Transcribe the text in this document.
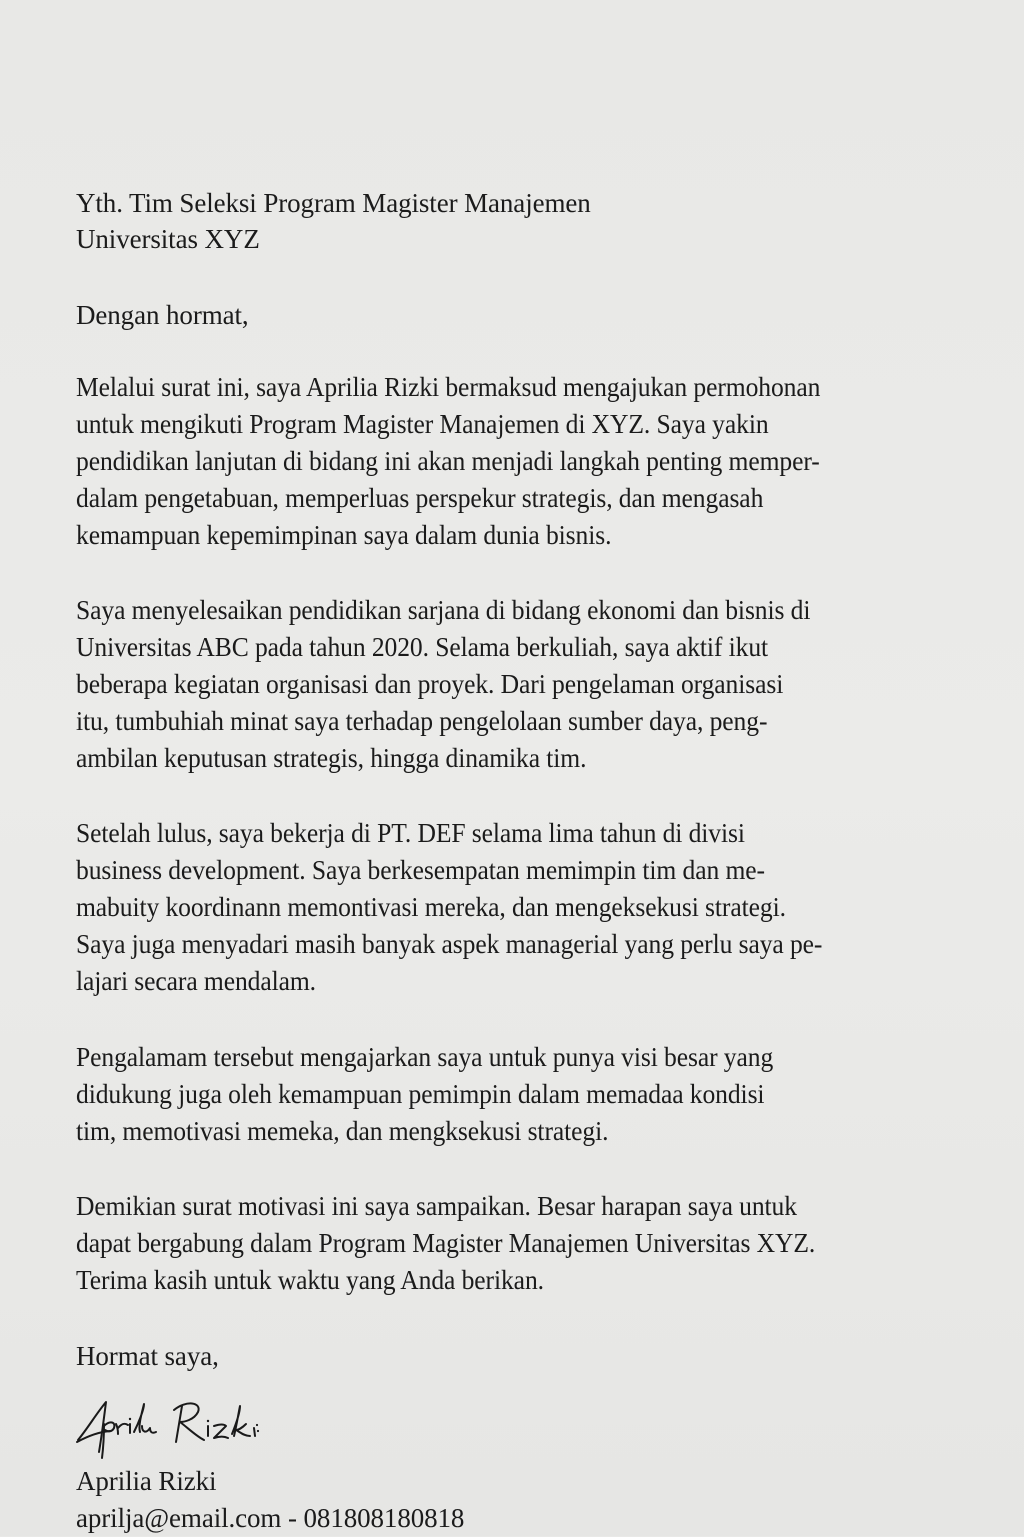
Yth. Tim Seleksi Program Magister Manajemen
Universitas XYZ
Dengan hormat,
Melalui surat ini, saya Aprilia Rizki bermaksud mengajukan permohonan
untuk mengikuti Program Magister Manajemen di XYZ. Saya yakin
pendidikan lanjutan di bidang ini akan menjadi langkah penting memper-
dalam pengetabuan, memperluas perspekur strategis, dan mengasah
kemampuan kepemimpinan saya dalam dunia bisnis.
Saya menyelesaikan pendidikan sarjana di bidang ekonomi dan bisnis di
Universitas ABC pada tahun 2020. Selama berkuliah, saya aktif ikut
beberapa kegiatan organisasi dan proyek. Dari pengelaman organisasi
itu, tumbuhiah minat saya terhadap pengelolaan sumber daya, peng-
ambilan keputusan strategis, hingga dinamika tim.
Setelah lulus, saya bekerja di PT. DEF selama lima tahun di divisi
business development. Saya berkesempatan memimpin tim dan me-
mabuity koordinann memontivasi mereka, dan mengeksekusi strategi.
Saya juga menyadari masih banyak aspek managerial yang perlu saya pe-
lajari secara mendalam.
Pengalamam tersebut mengajarkan saya untuk punya visi besar yang
didukung juga oleh kemampuan pemimpin dalam memadaa kondisi
tim, memotivasi memeka, dan mengksekusi strategi.
Demikian surat motivasi ini saya sampaikan. Besar harapan saya untuk
dapat bergabung dalam Program Magister Manajemen Universitas XYZ.
Terima kasih untuk waktu yang Anda berikan.
Hormat saya,
Aprilia Rizki
aprilja@email.com - 081808180818
